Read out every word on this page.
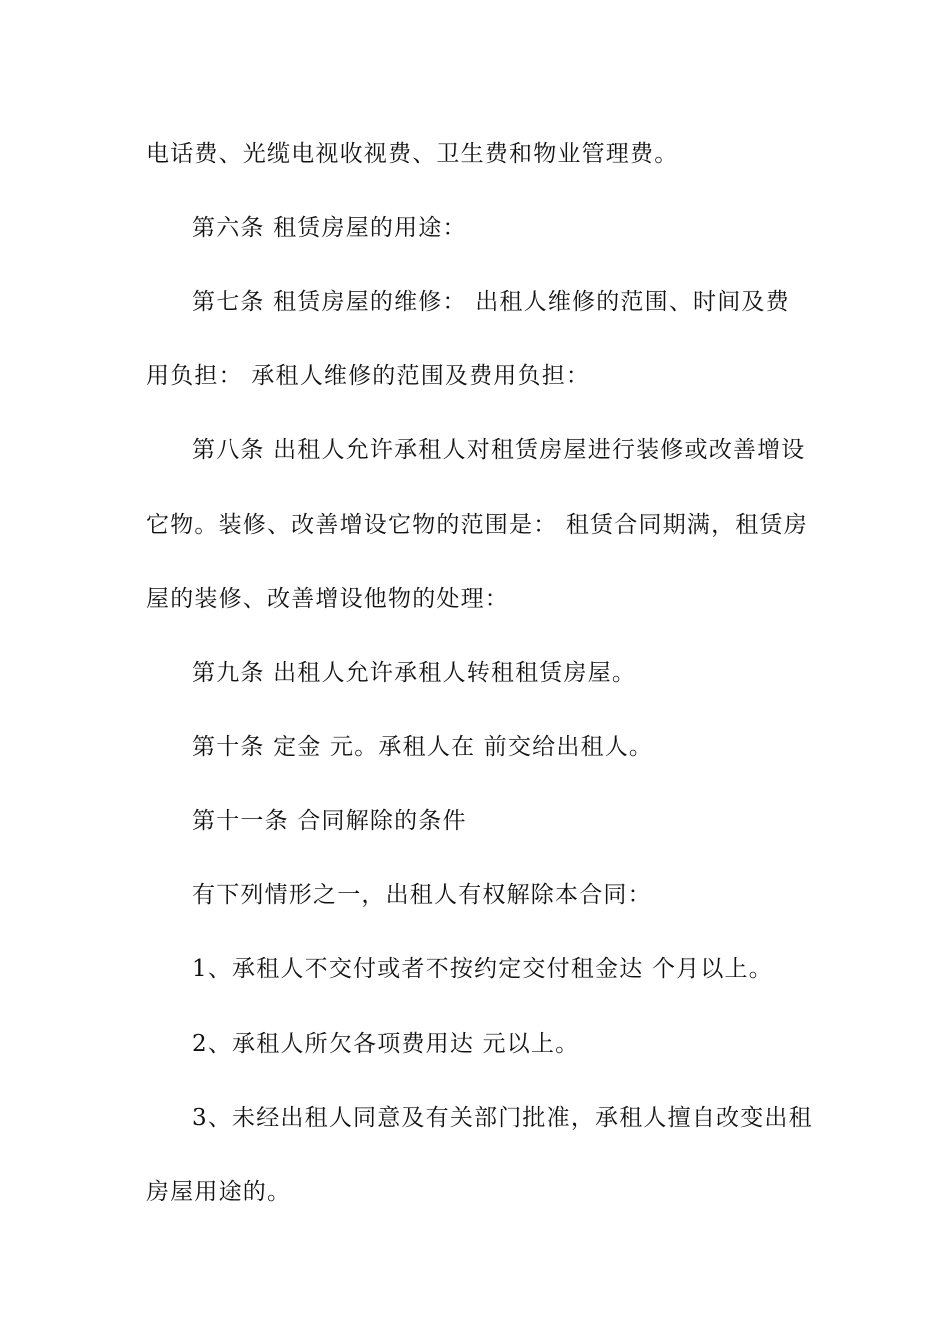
电话费、光缆电视收视费、卫生费和物业管理费。
第六条 租赁房屋的用途：
第七条 租赁房屋的维修： 出租人维修的范围、时间及费
用负担： 承租人维修的范围及费用负担：
第八条 出租人允许承租人对租赁房屋进行装修或改善增设
它物。装修、改善增设它物的范围是： 租赁合同期满，租赁房
屋的装修、改善增设他物的处理：
第九条 出租人允许承租人转租租赁房屋。
第十条 定金 元。承租人在 前交给出租人。
第十一条 合同解除的条件
有下列情形之一，出租人有权解除本合同：
1、承租人不交付或者不按约定交付租金达 个月以上。
2、承租人所欠各项费用达 元以上。
3、未经出租人同意及有关部门批准，承租人擅自改变出租
房屋用途的。
